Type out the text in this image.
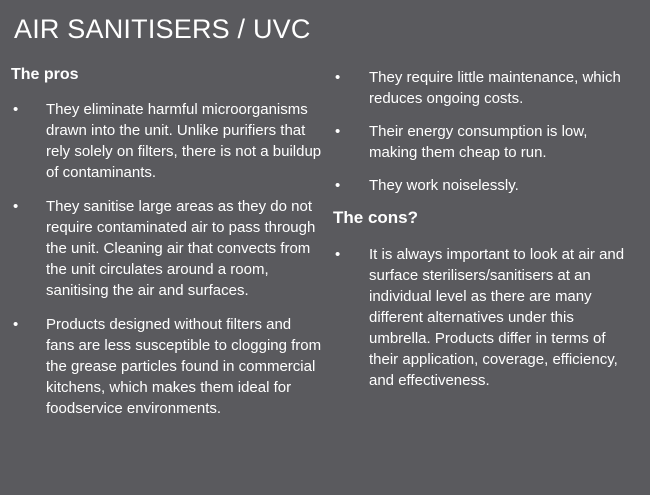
AIR SANITISERS / UVC
The pros
• They eliminate harmful microorganisms drawn into the unit. Unlike purifiers that rely solely on filters, there is not a buildup of contaminants.
• They sanitise large areas as they do not require contaminated air to pass through the unit. Cleaning air that convects from the unit circulates around a room, sanitising the air and surfaces.
• Products designed without filters and fans are less susceptible to clogging from the grease particles found in commercial kitchens, which makes them ideal for foodservice environments.
• They require little maintenance, which reduces ongoing costs.
• Their energy consumption is low, making them cheap to run.
• They work noiselessly.
The cons?
• It is always important to look at air and surface sterilisers/sanitisers at an individual level as there are many different alternatives under this umbrella. Products differ in terms of their application, coverage, efficiency, and effectiveness.
